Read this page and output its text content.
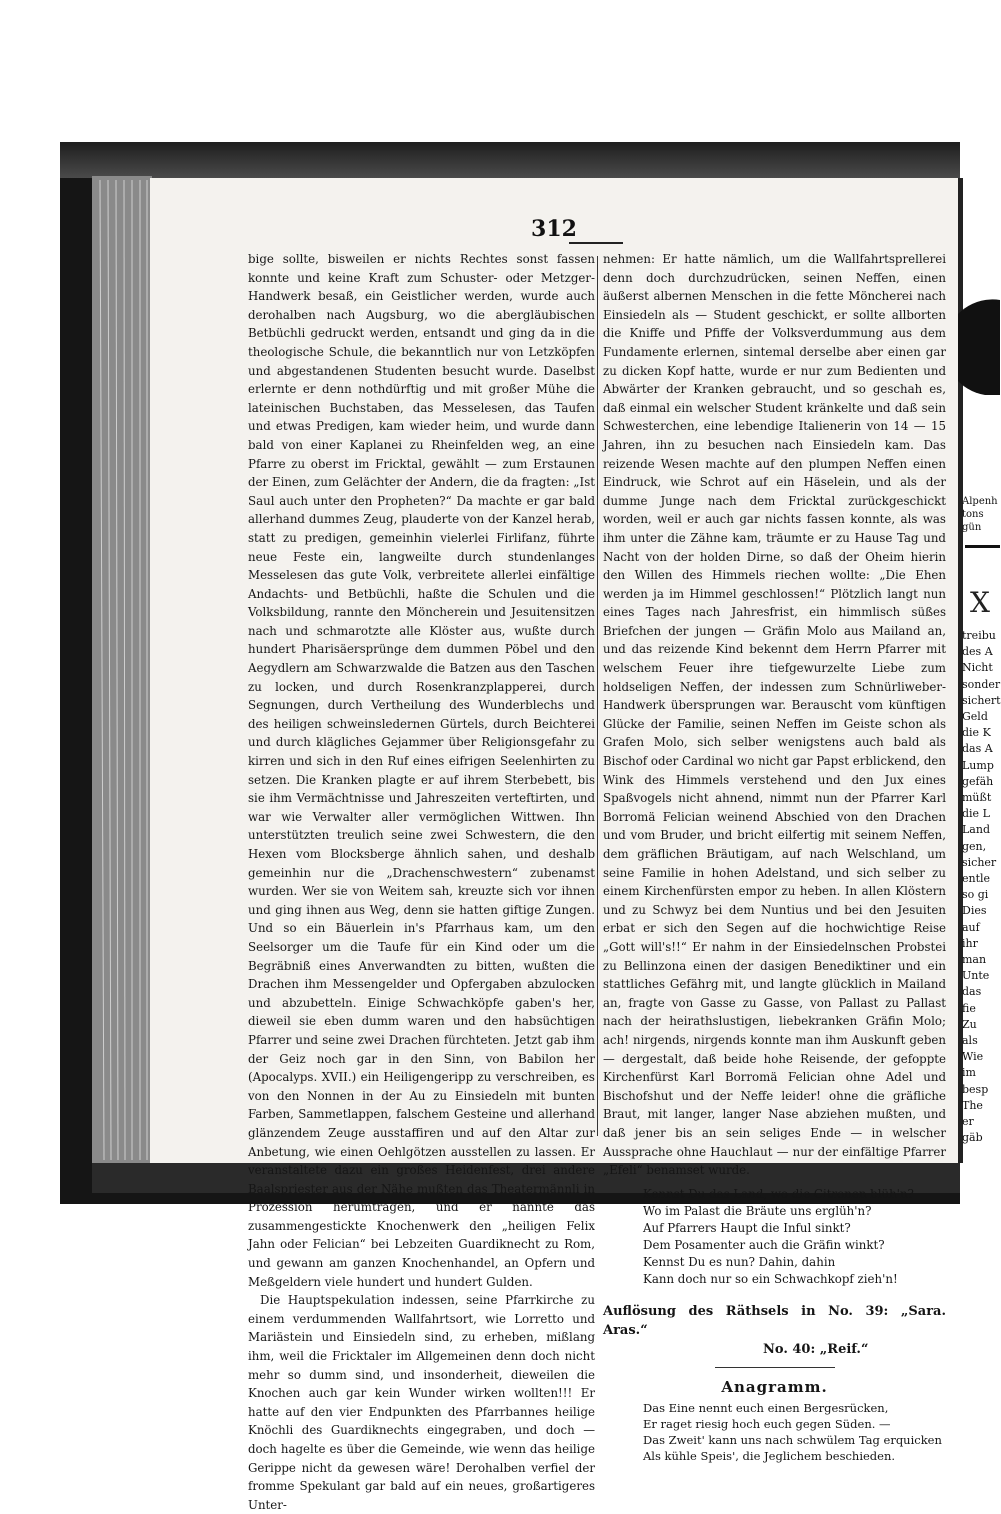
X
312

bige sollte, bisweilen er nichts Rechtes sonst fassen konnte und keine Kraft zum Schuster- oder Metzger-Handwerk besaß, ein Geistlicher werden, wurde auch derohalben nach Augsburg, wo die abergläubischen Betbüchli gedruckt werden, entsandt und ging da in die theologische Schule, die bekanntlich nur von Letzköpfen und abgestandenen Studenten besucht wurde. Daselbst erlernte er denn nothdürftig und mit großer Mühe die lateinischen Buchstaben, das Messelesen, das Taufen und etwas Predigen, kam wieder heim, und wurde dann bald von einer Kaplanei zu Rheinfelden weg, an eine Pfarre zu oberst im Fricktal, gewählt — zum Erstaunen der Einen, zum Gelächter der Andern, die da fragten: „Ist Saul auch unter den Propheten?“ Da machte er gar bald allerhand dummes Zeug, plauderte von der Kanzel herab, statt zu predigen, gemeinhin vielerlei Firlifanz, führte neue Feste ein, langweilte durch stundenlanges Messelesen das gute Volk, verbreitete allerlei einfältige Andachts- und Betbüchli, haßte die Schulen und die Volksbildung, rannte den Möncherein und Jesuitensitzen nach und schmarotzte alle Klöster aus, wußte durch hundert Pharisäersprünge dem dummen Pöbel und den Aegydlern am Schwarzwalde die Batzen aus den Taschen zu locken, und durch Rosenkranzplapperei, durch Segnungen, durch Vertheilung des Wunderblechs und des heiligen schweinsledernen Gürtels, durch Beichterei und durch klägliches Gejammer über Religionsgefahr zu kirren und sich in den Ruf eines eifrigen Seelenhirten zu setzen. Die Kranken plagte er auf ihrem Sterbebett, bis sie ihm Vermächtnisse und Jahreszeiten verteftirten, und war wie Verwalter aller vermöglichen Wittwen. Ihn unterstützten treulich seine zwei Schwestern, die den Hexen vom Blocksberge ähnlich sahen, und deshalb gemeinhin nur die „Drachenschwestern“ zubenamst wurden. Wer sie von Weitem sah, kreuzte sich vor ihnen und ging ihnen aus Weg, denn sie hatten giftige Zungen. Und so ein Bäuerlein in's Pfarrhaus kam, um den Seelsorger um die Taufe für ein Kind oder um die Begräbniß eines Anverwandten zu bitten, wußten die Drachen ihm Messengelder und Opfergaben abzulocken und abzubetteln. Einige Schwachköpfe gaben's her, dieweil sie eben dumm waren und den habsüchtigen Pfarrer und seine zwei Drachen fürchteten. Jetzt gab ihm der Geiz noch gar in den Sinn, von Babilon her (Apocalyps. XVII.) ein Heiligengeripp zu verschreiben, es von den Nonnen in der Au zu Einsiedeln mit bunten Farben, Sammetlappen, falschem Gesteine und allerhand glänzendem Zeuge ausstaffiren und auf den Altar zur Anbetung, wie einen Oehlgötzen ausstellen zu lassen. Er veranstaltete dazu ein großes Heidenfest, drei andere Baalspriester aus der Nähe mußten das Theatermännli in Prozession herumtragen, und er nannte das zusammengestickte Knochenwerk den „heiligen Felix Jahn oder Felician“ bei Lebzeiten Guardiknecht zu Rom, und gewann am ganzen Knochenhandel, an Opfern und Meßgeldern viele hundert und hundert Gulden.

Die Hauptspekulation indessen, seine Pfarrkirche zu einem verdummenden Wallfahrtsort, wie Lorretto und Mariästein und Einsiedeln sind, zu erheben, mißlang ihm, weil die Fricktaler im Allgemeinen denn doch nicht mehr so dumm sind, und insonderheit, dieweilen die Knochen auch gar kein Wunder wirken wollten!!! Er hatte auf den vier Endpunkten des Pfarrbannes heilige Knöchli des Guardiknechts eingegraben, und doch — doch hagelte es über die Gemeinde, wie wenn das heilige Gerippe nicht da gewesen wäre! Derohalben verfiel der fromme Spekulant gar bald auf ein neues, großartigeres Unter-

nehmen: Er hatte nämlich, um die Wallfahrtsprellerei denn doch durchzudrücken, seinen Neffen, einen äußerst albernen Menschen in die fette Möncherei nach Einsiedeln als — Student geschickt, er sollte allborten die Kniffe und Pfiffe der Volksverdummung aus dem Fundamente erlernen, sintemal derselbe aber einen gar zu dicken Kopf hatte, wurde er nur zum Bedienten und Abwärter der Kranken gebraucht, und so geschah es, daß einmal ein welscher Student kränkelte und daß sein Schwesterchen, eine lebendige Italienerin von 14 — 15 Jahren, ihn zu besuchen nach Einsiedeln kam. Das reizende Wesen machte auf den plumpen Neffen einen Eindruck, wie Schrot auf ein Häselein, und als der dumme Junge nach dem Fricktal zurückgeschickt worden, weil er auch gar nichts fassen konnte, als was ihm unter die Zähne kam, träumte er zu Hause Tag und Nacht von der holden Dirne, so daß der Oheim hierin den Willen des Himmels riechen wollte: „Die Ehen werden ja im Himmel geschlossen!“ Plötzlich langt nun eines Tages nach Jahresfrist, ein himmlisch süßes Briefchen der jungen — Gräfin Molo aus Mailand an, und das reizende Kind bekennt dem Herrn Pfarrer mit welschem Feuer ihre tiefgewurzelte Liebe zum holdseligen Neffen, der indessen zum Schnürliweber-Handwerk übersprungen war. Berauscht vom künftigen Glücke der Familie, seinen Neffen im Geiste schon als Grafen Molo, sich selber wenigstens auch bald als Bischof oder Cardinal wo nicht gar Papst erblickend, den Wink des Himmels verstehend und den Jux eines Spaßvogels nicht ahnend, nimmt nun der Pfarrer Karl Borromä Felician weinend Abschied von den Drachen und vom Bruder, und bricht eilfertig mit seinem Neffen, dem gräflichen Bräutigam, auf nach Welschland, um seine Familie in hohen Adelstand, und sich selber zu einem Kirchenfürsten empor zu heben. In allen Klöstern und zu Schwyz bei dem Nuntius und bei den Jesuiten erbat er sich den Segen auf die hochwichtige Reise „Gott will's!!“ Er nahm in der Einsiedelnschen Probstei zu Bellinzona einen der dasigen Benediktiner und ein stattliches Gefährg mit, und langte glücklich in Mailand an, fragte von Gasse zu Gasse, von Pallast zu Pallast nach der heirathslustigen, liebekranken Gräfin Molo; ach! nirgends, nirgends konnte man ihm Auskunft geben — dergestalt, daß beide hohe Reisende, der gefoppte Kirchenfürst Karl Borromä Felician ohne Adel und Bischofshut und der Neffe leider! ohne die gräfliche Braut, mit langer, langer Nase abziehen mußten, und daß jener bis an sein seliges Ende — in welscher Aussprache ohne Hauchlaut — nur der einfältige Pfarrer „Efeli“ benamset wurde.

Kennst Du das Land, wo die Citronen blüh'n?
Wo im Palast die Bräute uns erglüh'n?
Auf Pfarrers Haupt die Inful sinkt?
Dem Posamenter auch die Gräfin winkt?
Kennst Du es nun? Dahin, dahin
Kann doch nur so ein Schwachkopf zieh'n!
Auflösung des Räthsels in No. 39: „Sara. Aras.“
No. 40: „Reif.“
Anagramm.
Das Eine nennt euch einen Bergesrücken,
Er raget riesig hoch euch gegen Süden. —
Das Zweit' kann uns nach schwülem Tag erquicken
Als kühle Speis', die Jeglichem beschieden.
Alpenh
tons
gün
treibu
des A
Nicht
sonder
sichert
Geld
die K
das A
Lump
gefäh
müßt
die L
Land
gen,
sicher
entle
so gi
Dies
auf
ihr
man
Unte
das
fie
Zu
als
Wie
im
besp
The
er
gäb
